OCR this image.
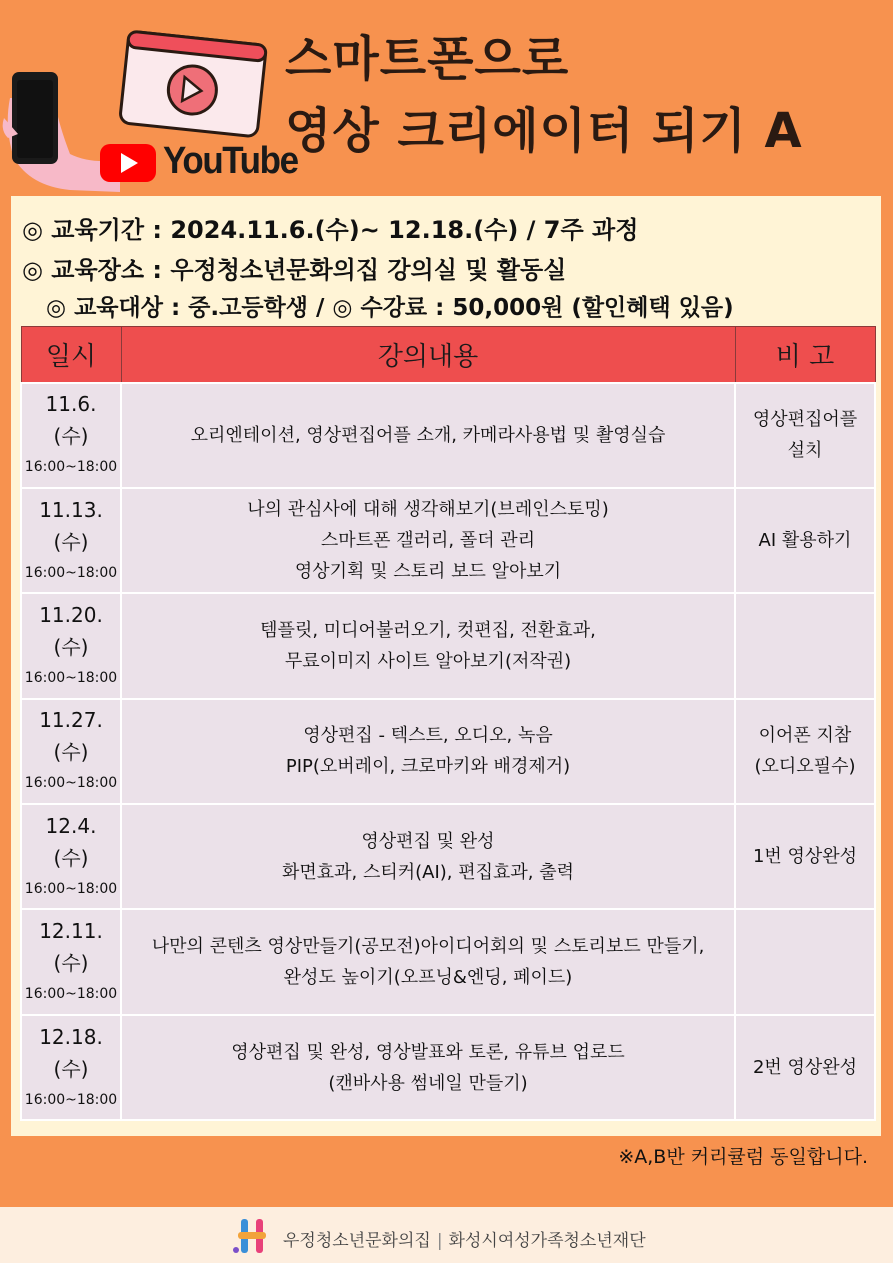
YouTube
스마트폰으로
영상 크리에이터 되기 A
◎ 교육기간 : 2024.11.6.(수)~ 12.18.(수) / 7주 과정
◎ 교육장소 : 우정청소년문화의집 강의실 및 활동실
◎ 교육대상 : 중.고등학생 / ◎ 수강료 : 50,000원 (할인혜택 있음)
일시	강의내용	비 고

11.6.
(수)
16:00~18:00	오리엔테이션, 영상편집어플 소개, 카메라사용법 및 촬영실습	영상편집어플
설치

11.13.
(수)
16:00~18:00	나의 관심사에 대해 생각해보기(브레인스토밍)
스마트폰 갤러리, 폴더 관리
영상기획 및 스토리 보드 알아보기	AI 활용하기

11.20.
(수)
16:00~18:00	템플릿, 미디어불러오기, 컷편집, 전환효과,
무료이미지 사이트 알아보기(저작권)	

11.27.
(수)
16:00~18:00	영상편집 - 텍스트, 오디오, 녹음
PIP(오버레이, 크로마키와 배경제거)	이어폰 지참
(오디오필수)

12.4.
(수)
16:00~18:00	영상편집 및 완성
화면효과, 스티커(AI), 편집효과, 출력	1번 영상완성

12.11.
(수)
16:00~18:00	나만의 콘텐츠 영상만들기(공모전)아이디어회의 및 스토리보드 만들기,
완성도 높이기(오프닝&엔딩, 페이드)	

12.18.
(수)
16:00~18:00	영상편집 및 완성, 영상발표와 토론, 유튜브 업로드
(캔바사용 썸네일 만들기)	2번 영상완성
※A,B반 커리큘럼 동일합니다.
우정청소년문화의집 | 화성시여성가족청소년재단
